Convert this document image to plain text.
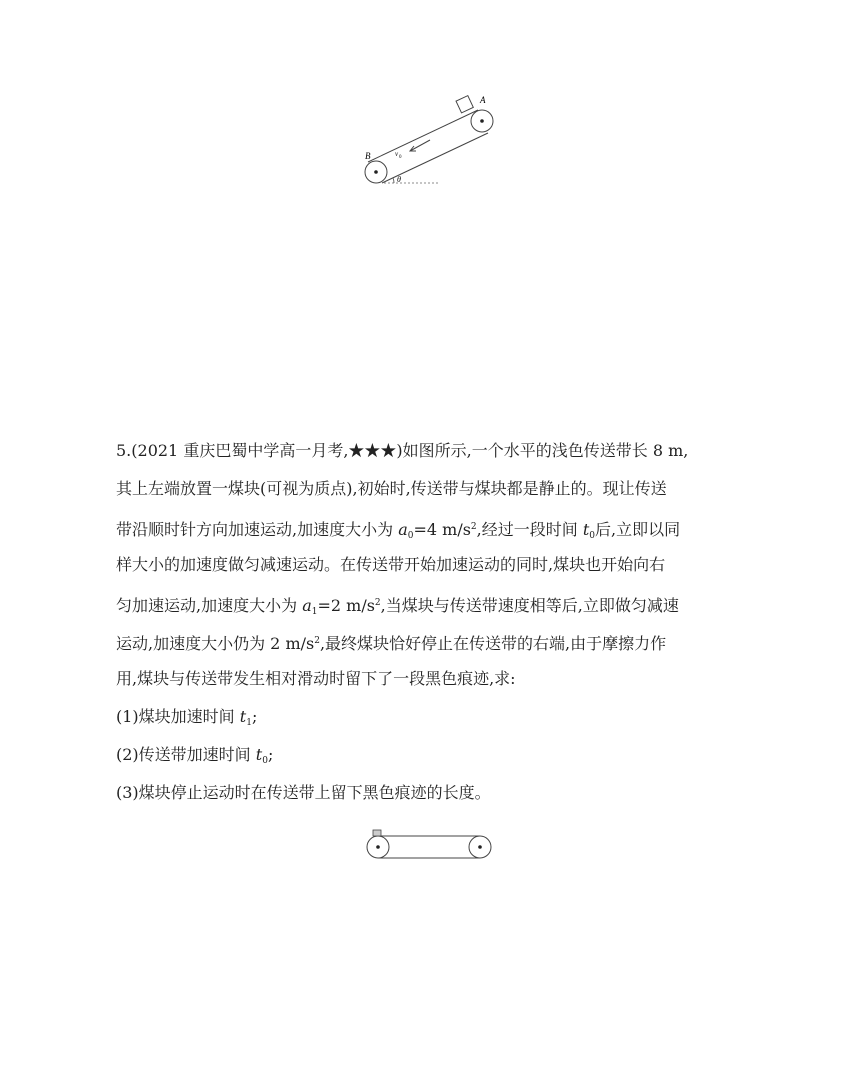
A
B	v 0
θ
5.(2021 重庆巴蜀中学高一月考,★★★)如图所示,一个水平的浅色传送带长 8 m,
其上左端放置一煤块(可视为质点),初始时,传送带与煤块都是静止的。现让传送
带沿顺时针方向加速运动,加速度大小为 $a_0=4$ $m/s^2$,经过一段时间 $t_0$后,立即以同
样大小的加速度做匀减速运动。在传送带开始加速运动的同时,煤块也开始向右
匀加速运动,加速度大小为 $a_1=2$ $m/s^2$,当煤块与传送带速度相等后,立即做匀减速
运动,加速度大小仍为 2 $m/s^2$,最终煤块恰好停止在传送带的右端,由于摩擦力作
用,煤块与传送带发生相对滑动时留下了一段黑色痕迹,求:
(1)煤块加速时间 $t_1$;
(2)传送带加速时间 $t_0$;
(3)煤块停止运动时在传送带上留下黑色痕迹的长度。
